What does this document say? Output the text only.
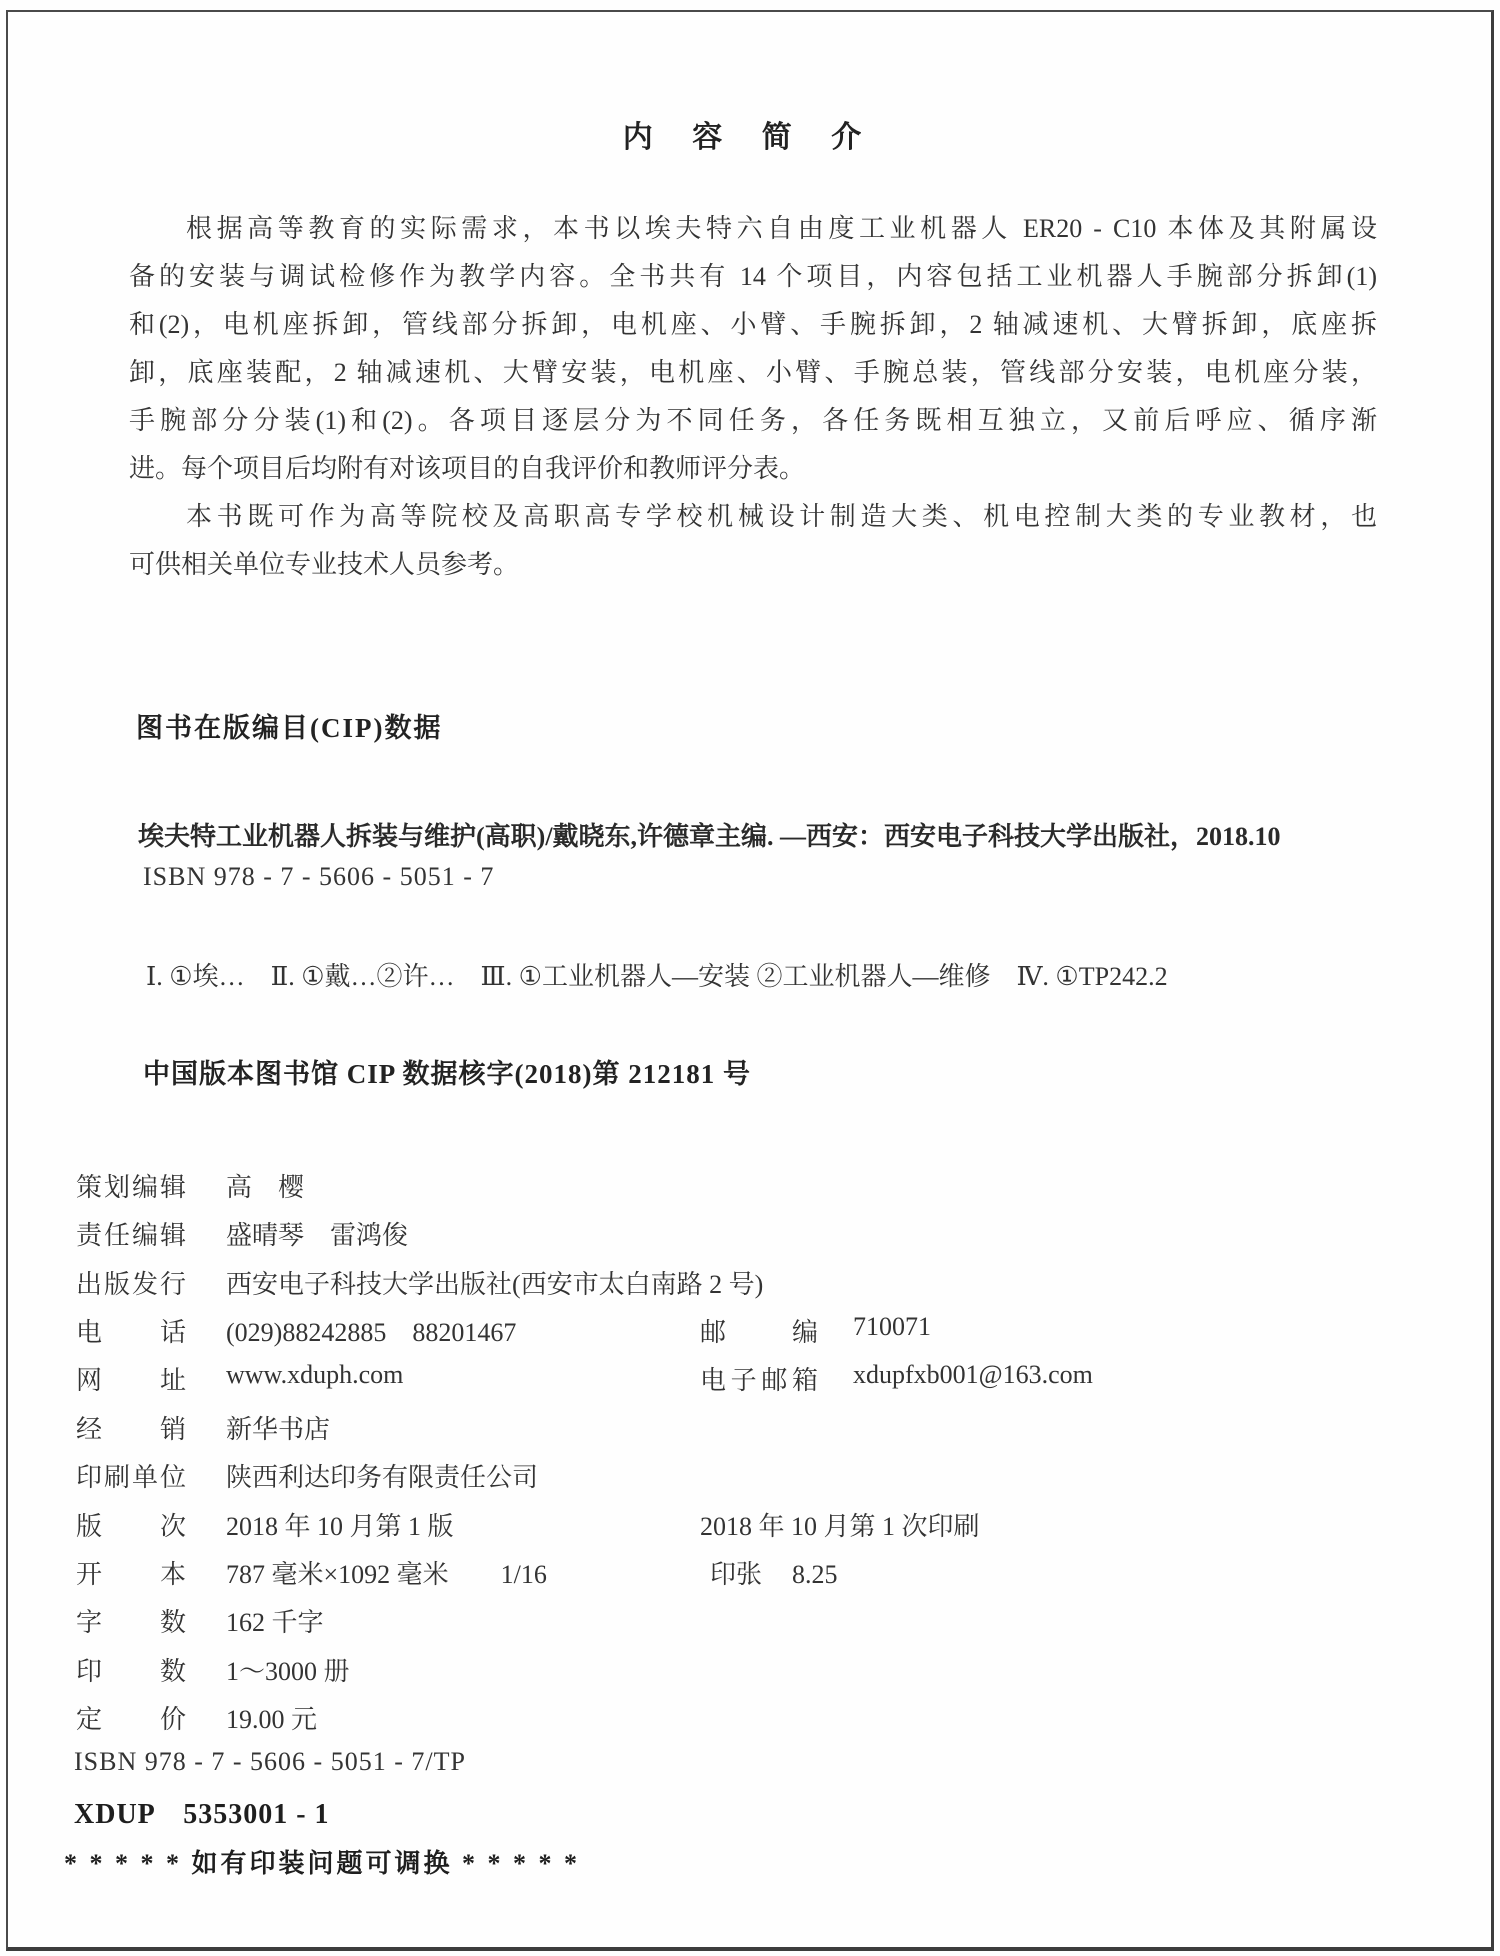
内 容 简 介
根据高等教育的实际需求，本书以埃夫特六自由度工业机器人 ER20 - C10 本体及其附属设
备的安装与调试检修作为教学内容。全书共有 14 个项目，内容包括工业机器人手腕部分拆卸(1)
和(2)，电机座拆卸，管线部分拆卸，电机座、小臂、手腕拆卸，2 轴减速机、大臂拆卸，底座拆
卸，底座装配，2 轴减速机、大臂安装，电机座、小臂、手腕总装，管线部分安装，电机座分装，
手腕部分分装(1)和(2)。各项目逐层分为不同任务，各任务既相互独立，又前后呼应、循序渐
进。每个项目后均附有对该项目的自我评价和教师评分表。
本书既可作为高等院校及高职高专学校机械设计制造大类、机电控制大类的专业教材，也
可供相关单位专业技术人员参考。
图书在版编目(CIP)数据
埃夫特工业机器人拆装与维护(高职)/戴晓东,许德章主编. —西安：西安电子科技大学出版社，2018.10
ISBN 978 - 7 - 5606 - 5051 - 7
Ⅰ. ①埃…　Ⅱ. ①戴…②许…　Ⅲ. ①工业机器人—安装 ②工业机器人—维修　Ⅳ. ①TP242.2
中国版本图书馆 CIP 数据核字(2018)第 212181 号
策划编辑 高　樱
责任编辑 盛晴琴　雷鸿俊
出版发行 西安电子科技大学出版社(西安市太白南路 2 号)
电话 (029)88242885　88201467	邮编 710071
网址 www.xduph.com	电子邮箱 xdupfxb001@163.com
经销 新华书店
印刷单位 陕西利达印务有限责任公司
版次 2018 年 10 月第 1 版	2018 年 10 月第 1 次印刷
开本 787 毫米×1092 毫米　　1/16	印张 8.25
字数 162 千字
印数 1～3000 册
定价 19.00 元
ISBN 978 - 7 - 5606 - 5051 - 7/TP
XDUP　5353001 - 1
* * * * * 如有印装问题可调换 * * * * *
